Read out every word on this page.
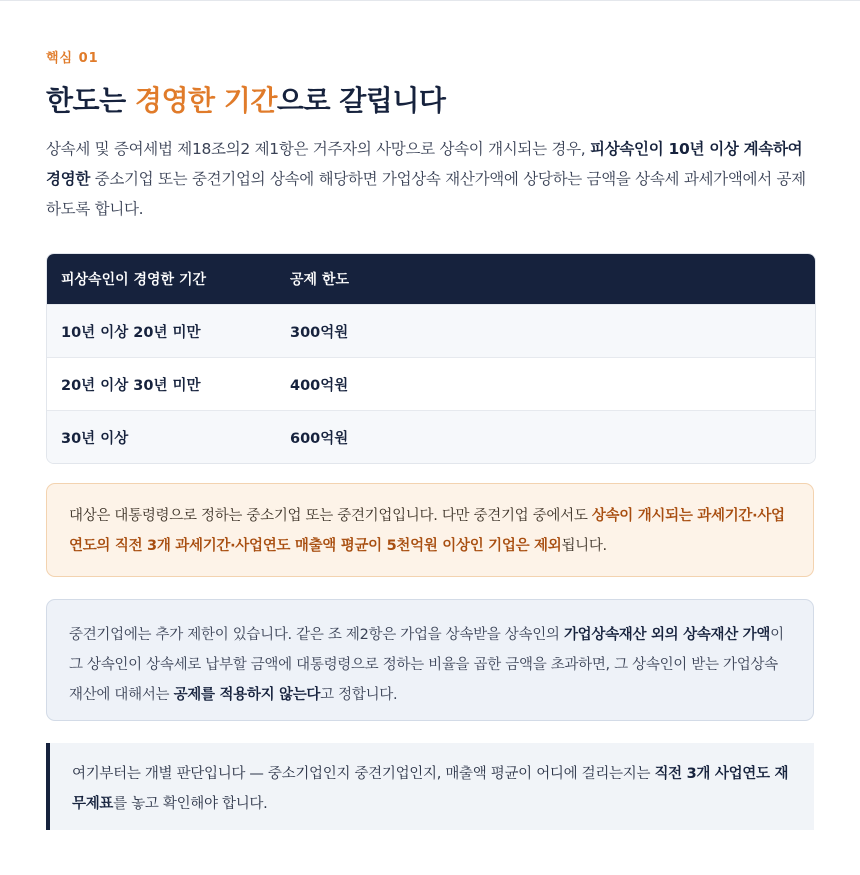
핵심 01
한도는 경영한 기간으로 갈립니다

상속세 및 증여세법 제18조의2 제1항은 거주자의 사망으로 상속이 개시되는 경우, 피상속인이 10년 이상 계속하여 경영한 중소기업 또는 중견기업의 상속에 해당하면 가업상속 재산가액에 상당하는 금액을 상속세 과세가액에서 공제하도록 합니다.

피상속인이 경영한 기간	공제 한도
10년 이상 20년 미만	300억원
20년 이상 30년 미만	400억원
30년 이상	600억원

대상은 대통령령으로 정하는 중소기업 또는 중견기업입니다. 다만 중견기업 중에서도 상속이 개시되는 과세기간·사업연도의 직전 3개 과세기간·사업연도 매출액 평균이 5천억원 이상인 기업은 제외됩니다.

중견기업에는 추가 제한이 있습니다. 같은 조 제2항은 가업을 상속받을 상속인의 가업상속재산 외의 상속재산 가액이 그 상속인이 상속세로 납부할 금액에 대통령령으로 정하는 비율을 곱한 금액을 초과하면, 그 상속인이 받는 가업상속재산에 대해서는 공제를 적용하지 않는다고 정합니다.

여기부터는 개별 판단입니다 — 중소기업인지 중견기업인지, 매출액 평균이 어디에 걸리는지는 직전 3개 사업연도 재무제표를 놓고 확인해야 합니다.
